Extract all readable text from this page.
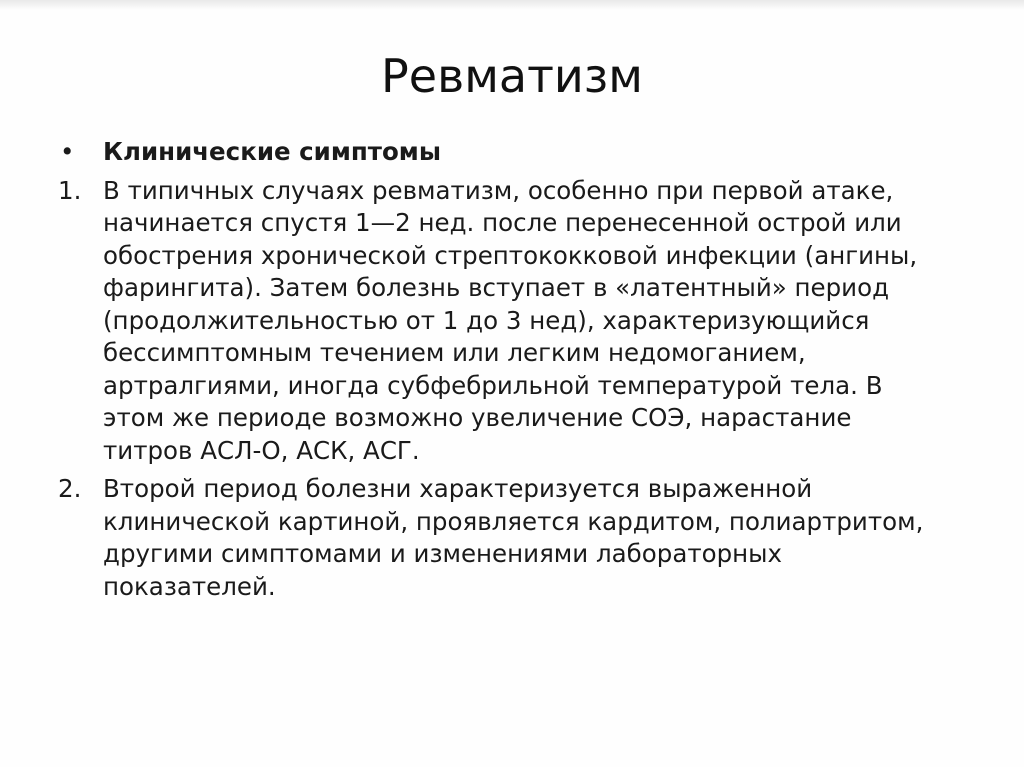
Ревматизм
• Клинические симптомы
1. В типичных случаях ревматизм, особенно при первой атаке, начинается спустя 1—2 нед. после перенесенной острой или обострения хронической стрептококковой инфекции (ангины, фарингита). Затем болезнь вступает в «латентный» период (продолжительностью от 1 до 3 нед), характеризующийся бессимптомным течением или легким недомоганием, артралгиями, иногда субфебрильной температурой тела. В этом же периоде возможно увеличение СОЭ, нарастание титров АСЛ-О, АСК, АСГ.
2. Второй период болезни характеризуется выраженной клинической картиной, проявляется кардитом, полиартритом, другими симптомами и изменениями лабораторных показателей.
